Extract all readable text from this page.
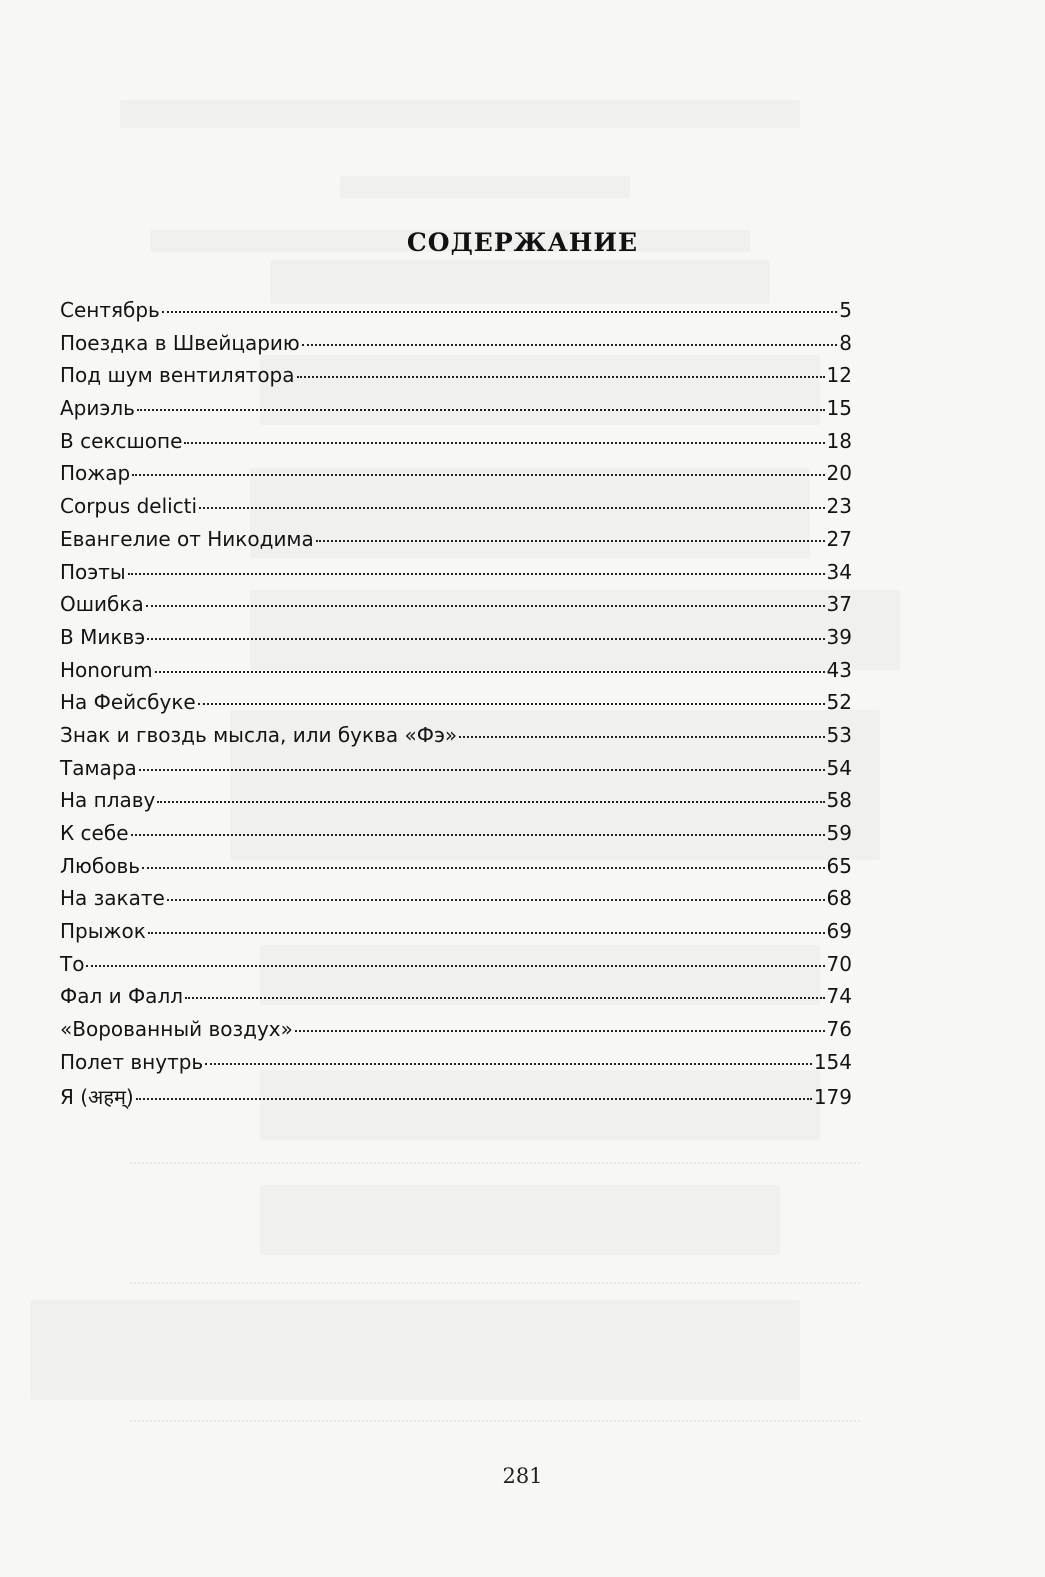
СОДЕРЖАНИЕ
Сентябрь	5
Поездка в Швейцарию	8
Под шум вентилятора	12
Ариэль	15
В сексшопе	18
Пожар	20
Corpus delicti	23
Евангелие от Никодима	27
Поэты	34
Ошибка	37
В Миквэ	39
Honorum	43
На Фейсбуке	52
Знак и гвоздь мысла, или буква «Фэ»	53
Тамара	54
На плаву	58
К себе	59
Любовь	65
На закате	68
Прыжок	69
То	70
Фал и Фалл	74
«Ворованный воздух»	76
Полет внутрь	154
Я (अहम्)	179
281
